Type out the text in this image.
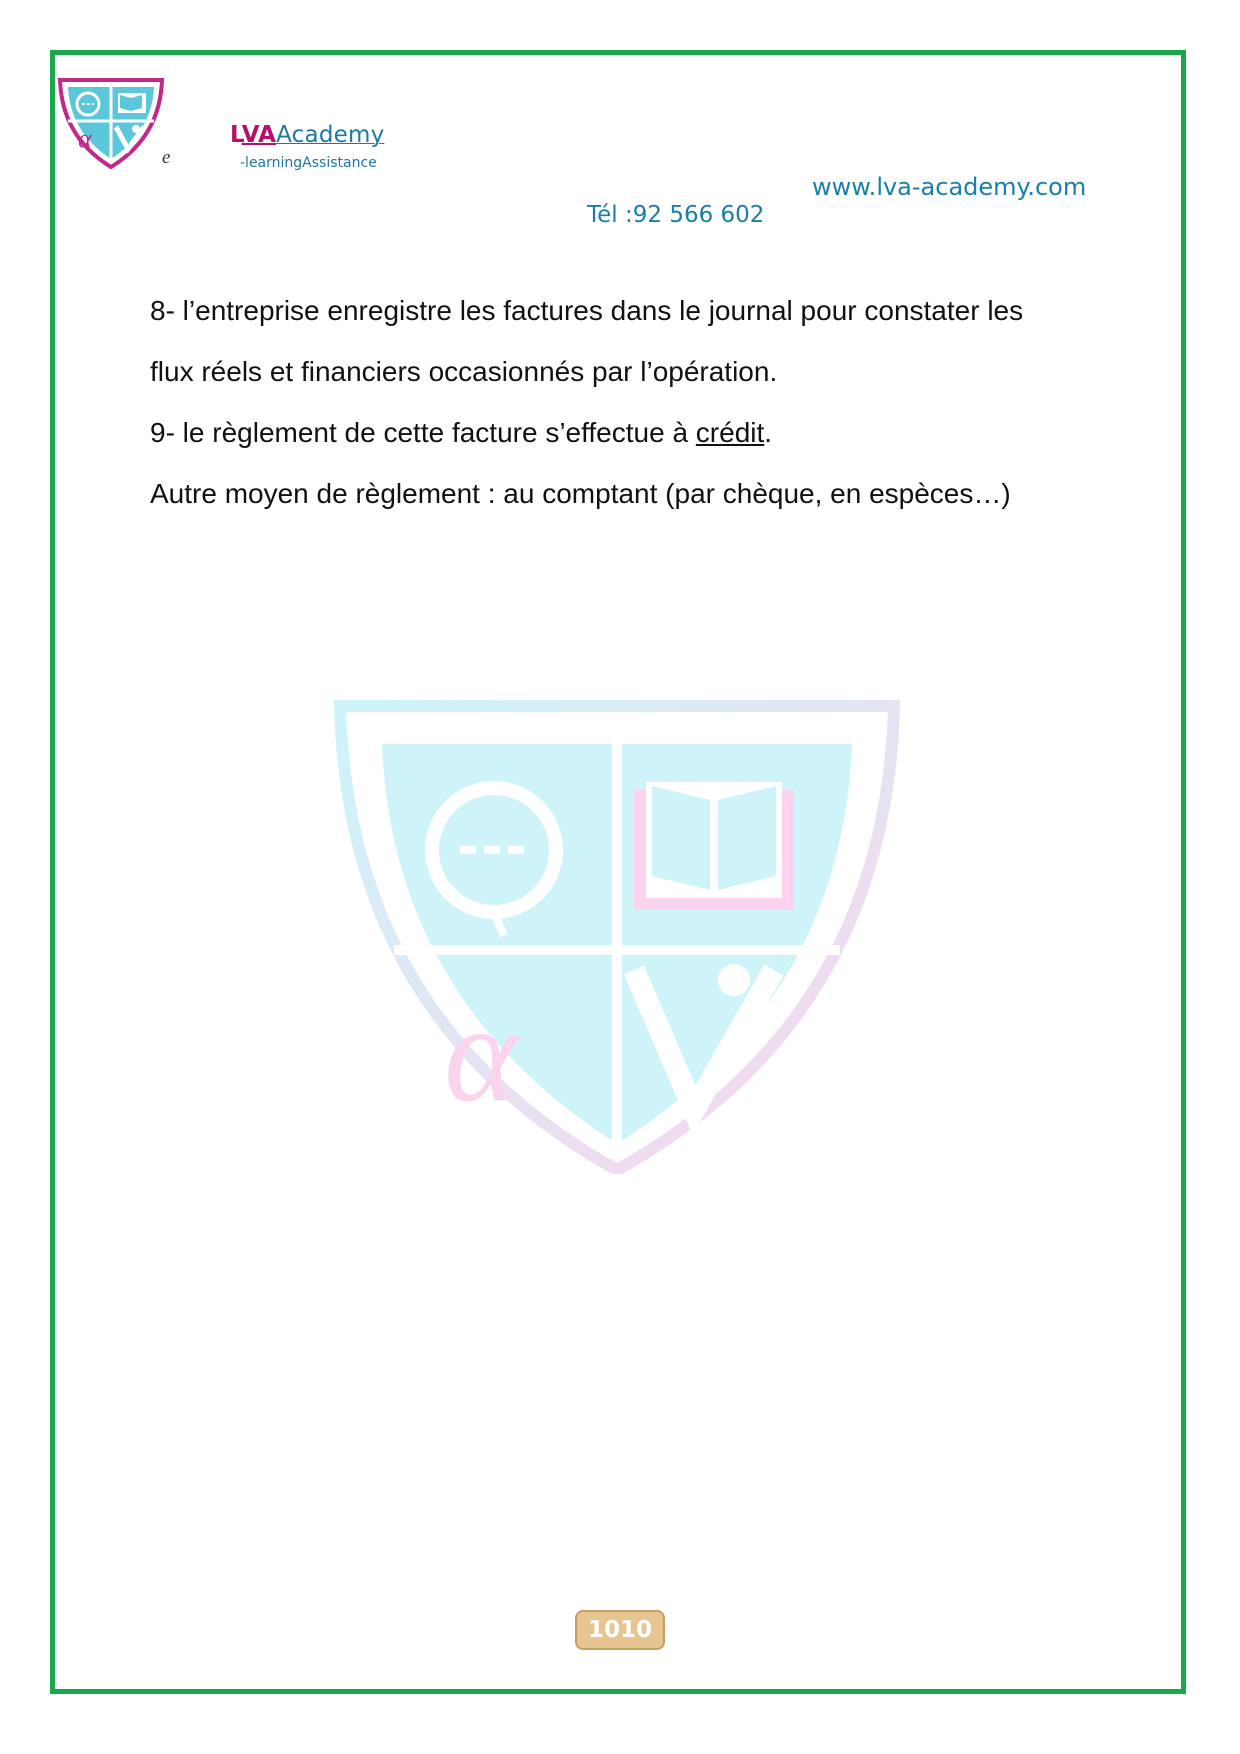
α
e
LVAAcademy
-learningAssistance
www.lva-academy.com
Tél :92 566 602

8- l’entreprise enregistre les factures dans le journal pour constater les

flux réels et financiers occasionnés par l’opération.

9- le règlement de cette facture s’effectue à crédit.

Autre moyen de règlement : au comptant (par chèque, en espèces…)

α
1010
